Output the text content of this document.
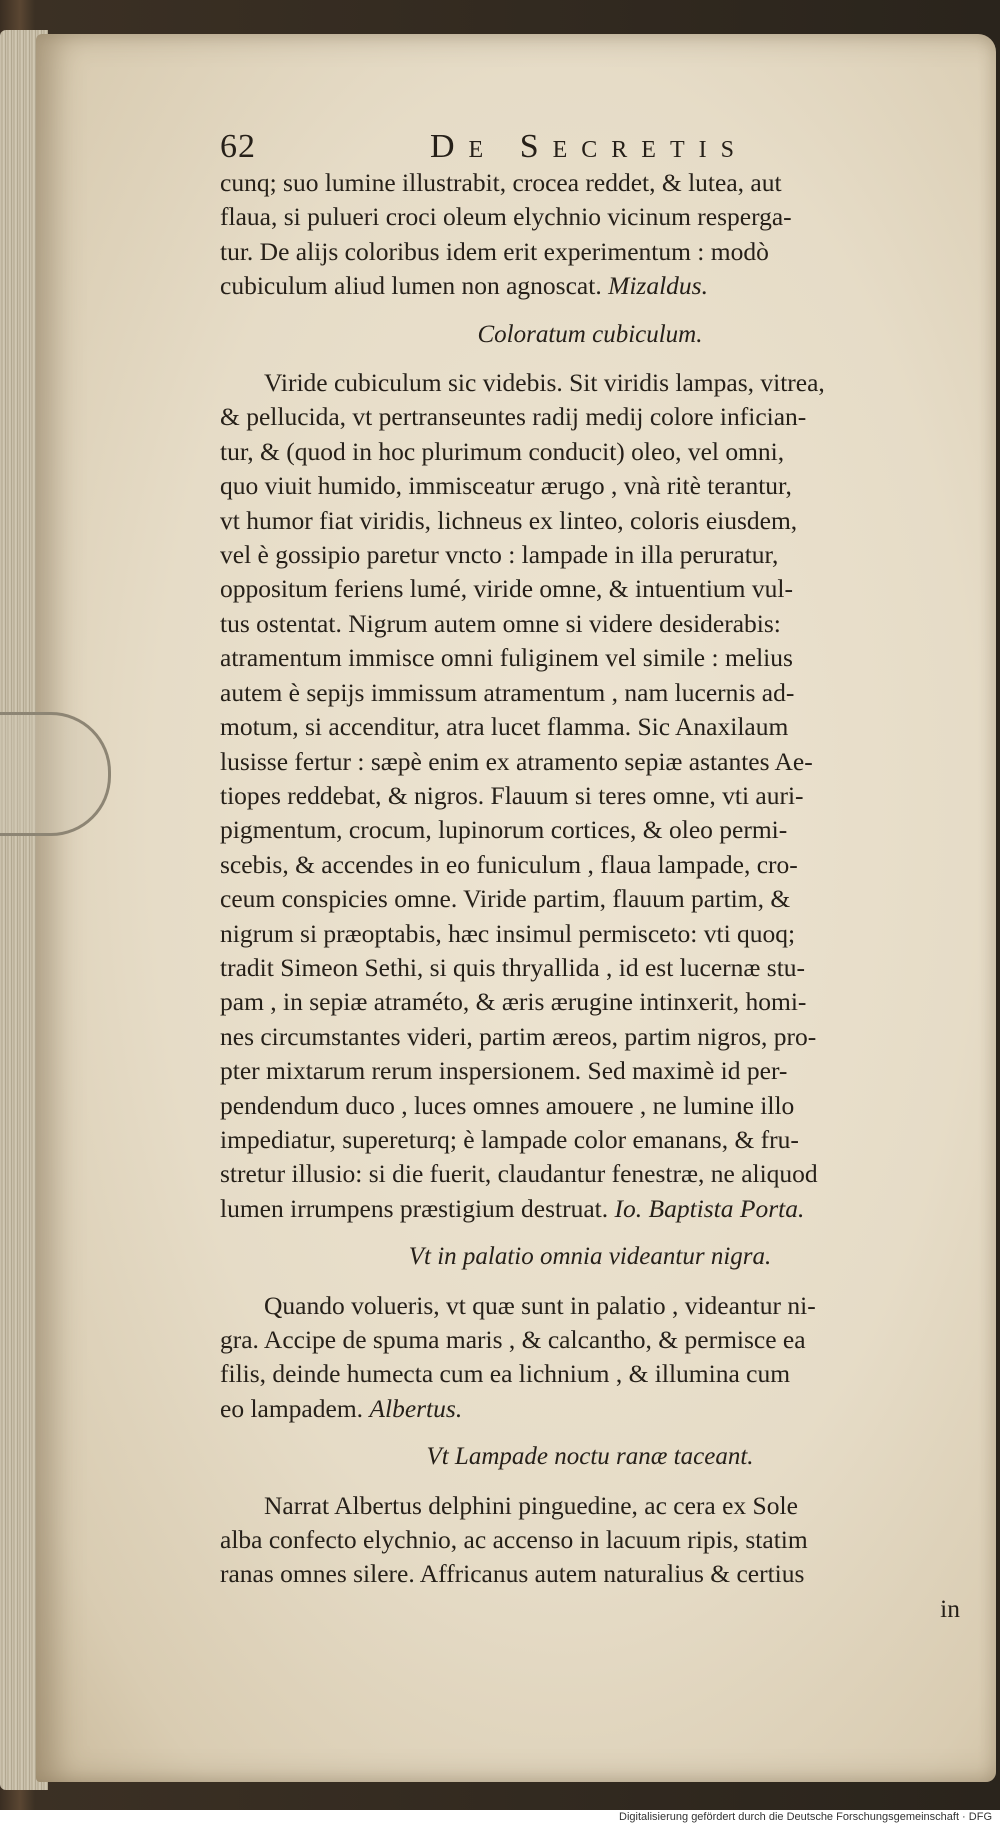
62	De Secretis
cunq; suo lumine illustrabit, crocea reddet, & lutea, aut
flaua, si pulueri croci oleum elychnio vicinum resperga-
tur. De alijs coloribus idem erit experimentum : modò
cubiculum aliud lumen non agnoscat. Mizaldus.
Coloratum cubiculum.
Viride cubiculum sic videbis. Sit viridis lampas, vitrea,
& pellucida, vt pertranseuntes radij medij colore infician-
tur, & (quod in hoc plurimum conducit) oleo, vel omni,
quo viuit humido, immisceatur ærugo , vnà ritè terantur,
vt humor fiat viridis, lichneus ex linteo, coloris eiusdem,
vel è gossipio paretur vncto : lampade in illa peruratur,
oppositum feriens lumé, viride omne, & intuentium vul-
tus ostentat. Nigrum autem omne si videre desiderabis:
atramentum immisce omni fuliginem vel simile : melius
autem è sepijs immissum atramentum , nam lucernis ad-
motum, si accenditur, atra lucet flamma. Sic Anaxilaum
lusisse fertur : sæpè enim ex atramento sepiæ astantes Ae-
tiopes reddebat, & nigros. Flauum si teres omne, vti auri-
pigmentum, crocum, lupinorum cortices, & oleo permi-
scebis, & accendes in eo funiculum , flaua lampade, cro-
ceum conspicies omne. Viride partim, flauum partim, &
nigrum si præoptabis, hæc insimul permisceto: vti quoq;
tradit Simeon Sethi, si quis thryallida , id est lucernæ stu-
pam , in sepiæ atraméto, & æris ærugine intinxerit, homi-
nes circumstantes videri, partim æreos, partim nigros, pro-
pter mixtarum rerum inspersionem. Sed maximè id per-
pendendum duco , luces omnes amouere , ne lumine illo
impediatur, supereturq; è lampade color emanans, & fru-
stretur illusio: si die fuerit, claudantur fenestræ, ne aliquod
lumen irrumpens præstigium destruat. Io. Baptista Porta.
Vt in palatio omnia videantur nigra.
Quando volueris, vt quæ sunt in palatio , videantur ni-
gra. Accipe de spuma maris , & calcantho, & permisce ea
filis, deinde humecta cum ea lichnium , & illumina cum
eo lampadem. Albertus.
Vt Lampade noctu ranæ taceant.
Narrat Albertus delphini pinguedine, ac cera ex Sole
alba confecto elychnio, ac accenso in lacuum ripis, statim
ranas omnes silere. Affricanus autem naturalius & certius
in
Digitalisierung gefördert durch die Deutsche Forschungsgemeinschaft · DFG
